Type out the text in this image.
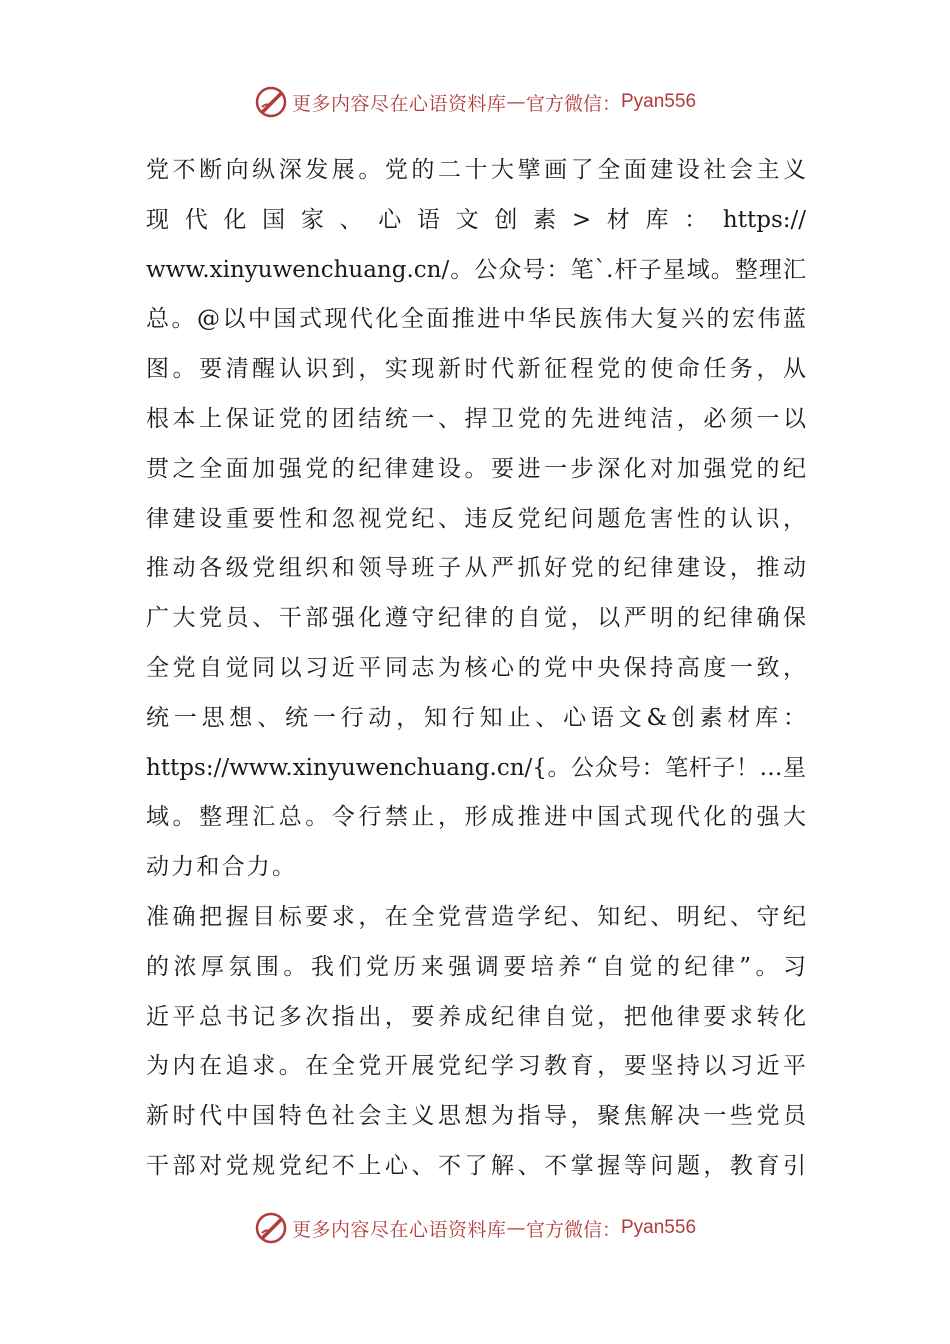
更多内容尽在心语资料库 — 官方微信： Pyan556
党不断向纵深发展。党的二十大擘画了全面建设社会主义
现代化国家、心语文创素>材库：https://
www.xinyuwenchuang.cn/。公众号：笔`.杆子星域。整理汇
总。@以中国式现代化全面推进中华民族伟大复兴的宏伟蓝
图。要清醒认识到，实现新时代新征程党的使命任务，从
根本上保证党的团结统一、捍卫党的先进纯洁，必须一以
贯之全面加强党的纪律建设。要进一步深化对加强党的纪
律建设重要性和忽视党纪、违反党纪问题危害性的认识，
推动各级党组织和领导班子从严抓好党的纪律建设，推动
广大党员、干部强化遵守纪律的自觉，以严明的纪律确保
全党自觉同以习近平同志为核心的党中央保持高度一致，
统一思想、统一行动，知行知止、心语文&创素材库：
https://www.xinyuwenchuang.cn/{。公众号：笔杆子！…星
域。整理汇总。令行禁止，形成推进中国式现代化的强大
动力和合力。
准确把握目标要求，在全党营造学纪、知纪、明纪、守纪
的浓厚氛围。我们党历来强调要培养“自觉的纪律”。习
近平总书记多次指出，要养成纪律自觉，把他律要求转化
为内在追求。在全党开展党纪学习教育，要坚持以习近平
新时代中国特色社会主义思想为指导，聚焦解决一些党员
干部对党规党纪不上心、不了解、不掌握等问题，教育引
更多内容尽在心语资料库 — 官方微信： Pyan556
